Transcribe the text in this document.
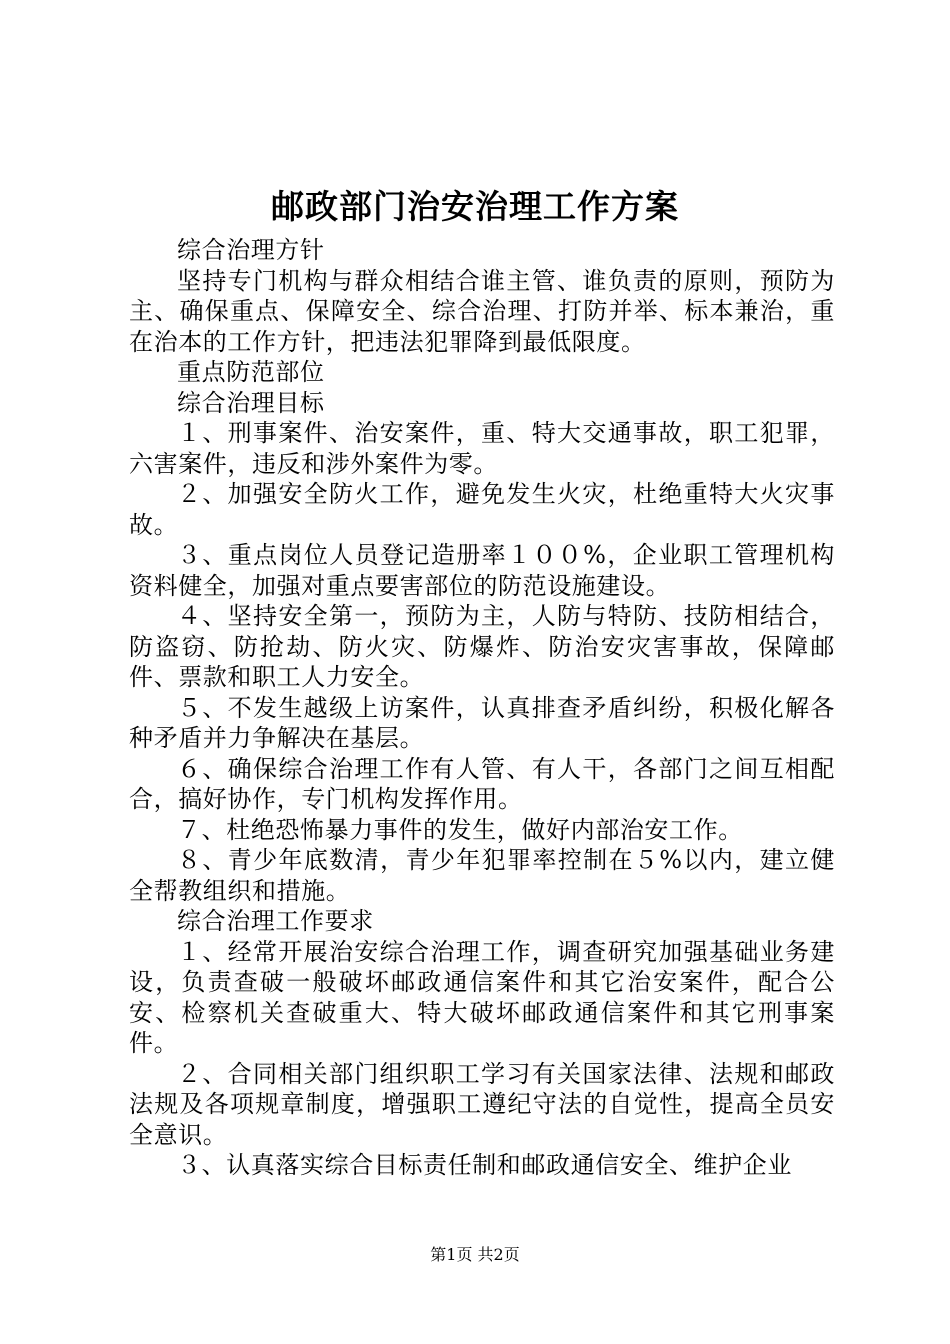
邮政部门治安治理工作方案

综合治理方针

坚持专门机构与群众相结合谁主管、谁负责的原则，预防为主、确保重点、保障安全、综合治理、打防并举、标本兼治，重在治本的工作方针，把违法犯罪降到最低限度。

重点防范部位

综合治理目标

１、刑事案件、治安案件，重、特大交通事故，职工犯罪，六害案件，违反和涉外案件为零。

２、加强安全防火工作，避免发生火灾，杜绝重特大火灾事故。

３、重点岗位人员登记造册率１００%，企业职工管理机构资料健全，加强对重点要害部位的防范设施建设。

４、坚持安全第一，预防为主，人防与特防、技防相结合，防盗窃、防抢劫、防火灾、防爆炸、防治安灾害事故，保障邮件、票款和职工人力安全。

５、不发生越级上访案件，认真排查矛盾纠纷，积极化解各种矛盾并力争解决在基层。

６、确保综合治理工作有人管、有人干，各部门之间互相配合，搞好协作，专门机构发挥作用。

７、杜绝恐怖暴力事件的发生，做好内部治安工作。

８、青少年底数清，青少年犯罪率控制在５%以内，建立健全帮教组织和措施。

综合治理工作要求

１、经常开展治安综合治理工作，调查研究加强基础业务建设，负责查破一般破坏邮政通信案件和其它治安案件，配合公安、检察机关查破重大、特大破坏邮政通信案件和其它刑事案件。

２、合同相关部门组织职工学习有关国家法律、法规和邮政法规及各项规章制度，增强职工遵纪守法的自觉性，提高全员安全意识。

３、认真落实综合目标责任制和邮政通信安全、维护企业

第1页 共2页
